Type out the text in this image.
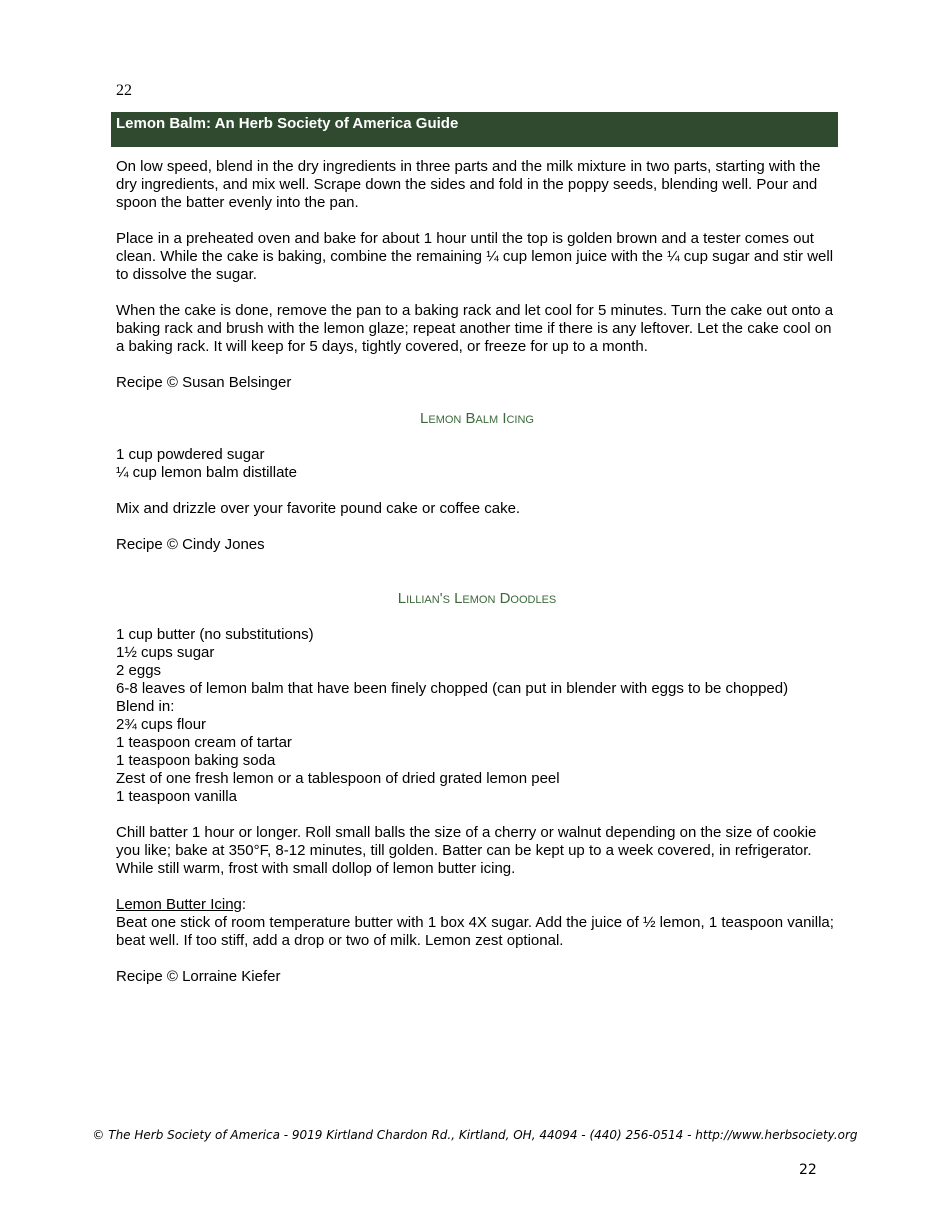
22
Lemon Balm: An Herb Society of America Guide

On low speed, blend in the dry ingredients in three parts and the milk mixture in two parts, starting with the dry ingredients, and mix well. Scrape down the sides and fold in the poppy seeds, blending well. Pour and spoon the batter evenly into the pan.

Place in a preheated oven and bake for about 1 hour until the top is golden brown and a tester comes out clean. While the cake is baking, combine the remaining ¼ cup lemon juice with the ¼ cup sugar and stir well to dissolve the sugar.

When the cake is done, remove the pan to a baking rack and let cool for 5 minutes. Turn the cake out onto a baking rack and brush with the lemon glaze; repeat another time if there is any leftover. Let the cake cool on a baking rack. It will keep for 5 days, tightly covered, or freeze for up to a month.

Recipe © Susan Belsinger

Lemon Balm Icing
1 cup powdered sugar
¼ cup lemon balm distillate

Mix and drizzle over your favorite pound cake or coffee cake.

Recipe © Cindy Jones

Lillian's Lemon Doodles
1 cup butter (no substitutions)
1½ cups sugar
2 eggs
6-8 leaves of lemon balm that have been finely chopped (can put in blender with eggs to be chopped)
Blend in:
2¾ cups flour
1 teaspoon cream of tartar
1 teaspoon baking soda
Zest of one fresh lemon or a tablespoon of dried grated lemon peel
1 teaspoon vanilla

Chill batter 1 hour or longer. Roll small balls the size of a cherry or walnut depending on the size of cookie you like; bake at 350°F, 8-12 minutes, till golden. Batter can be kept up to a week covered, in refrigerator. While still warm, frost with small dollop of lemon butter icing.

Lemon Butter Icing:

Beat one stick of room temperature butter with 1 box 4X sugar. Add the juice of ½ lemon, 1 teaspoon vanilla; beat well. If too stiff, add a drop or two of milk. Lemon zest optional.

Recipe © Lorraine Kiefer

© The Herb Society of America - 9019 Kirtland Chardon Rd., Kirtland, OH, 44094 - (440) 256-0514 - http://www.herbsociety.org
22
